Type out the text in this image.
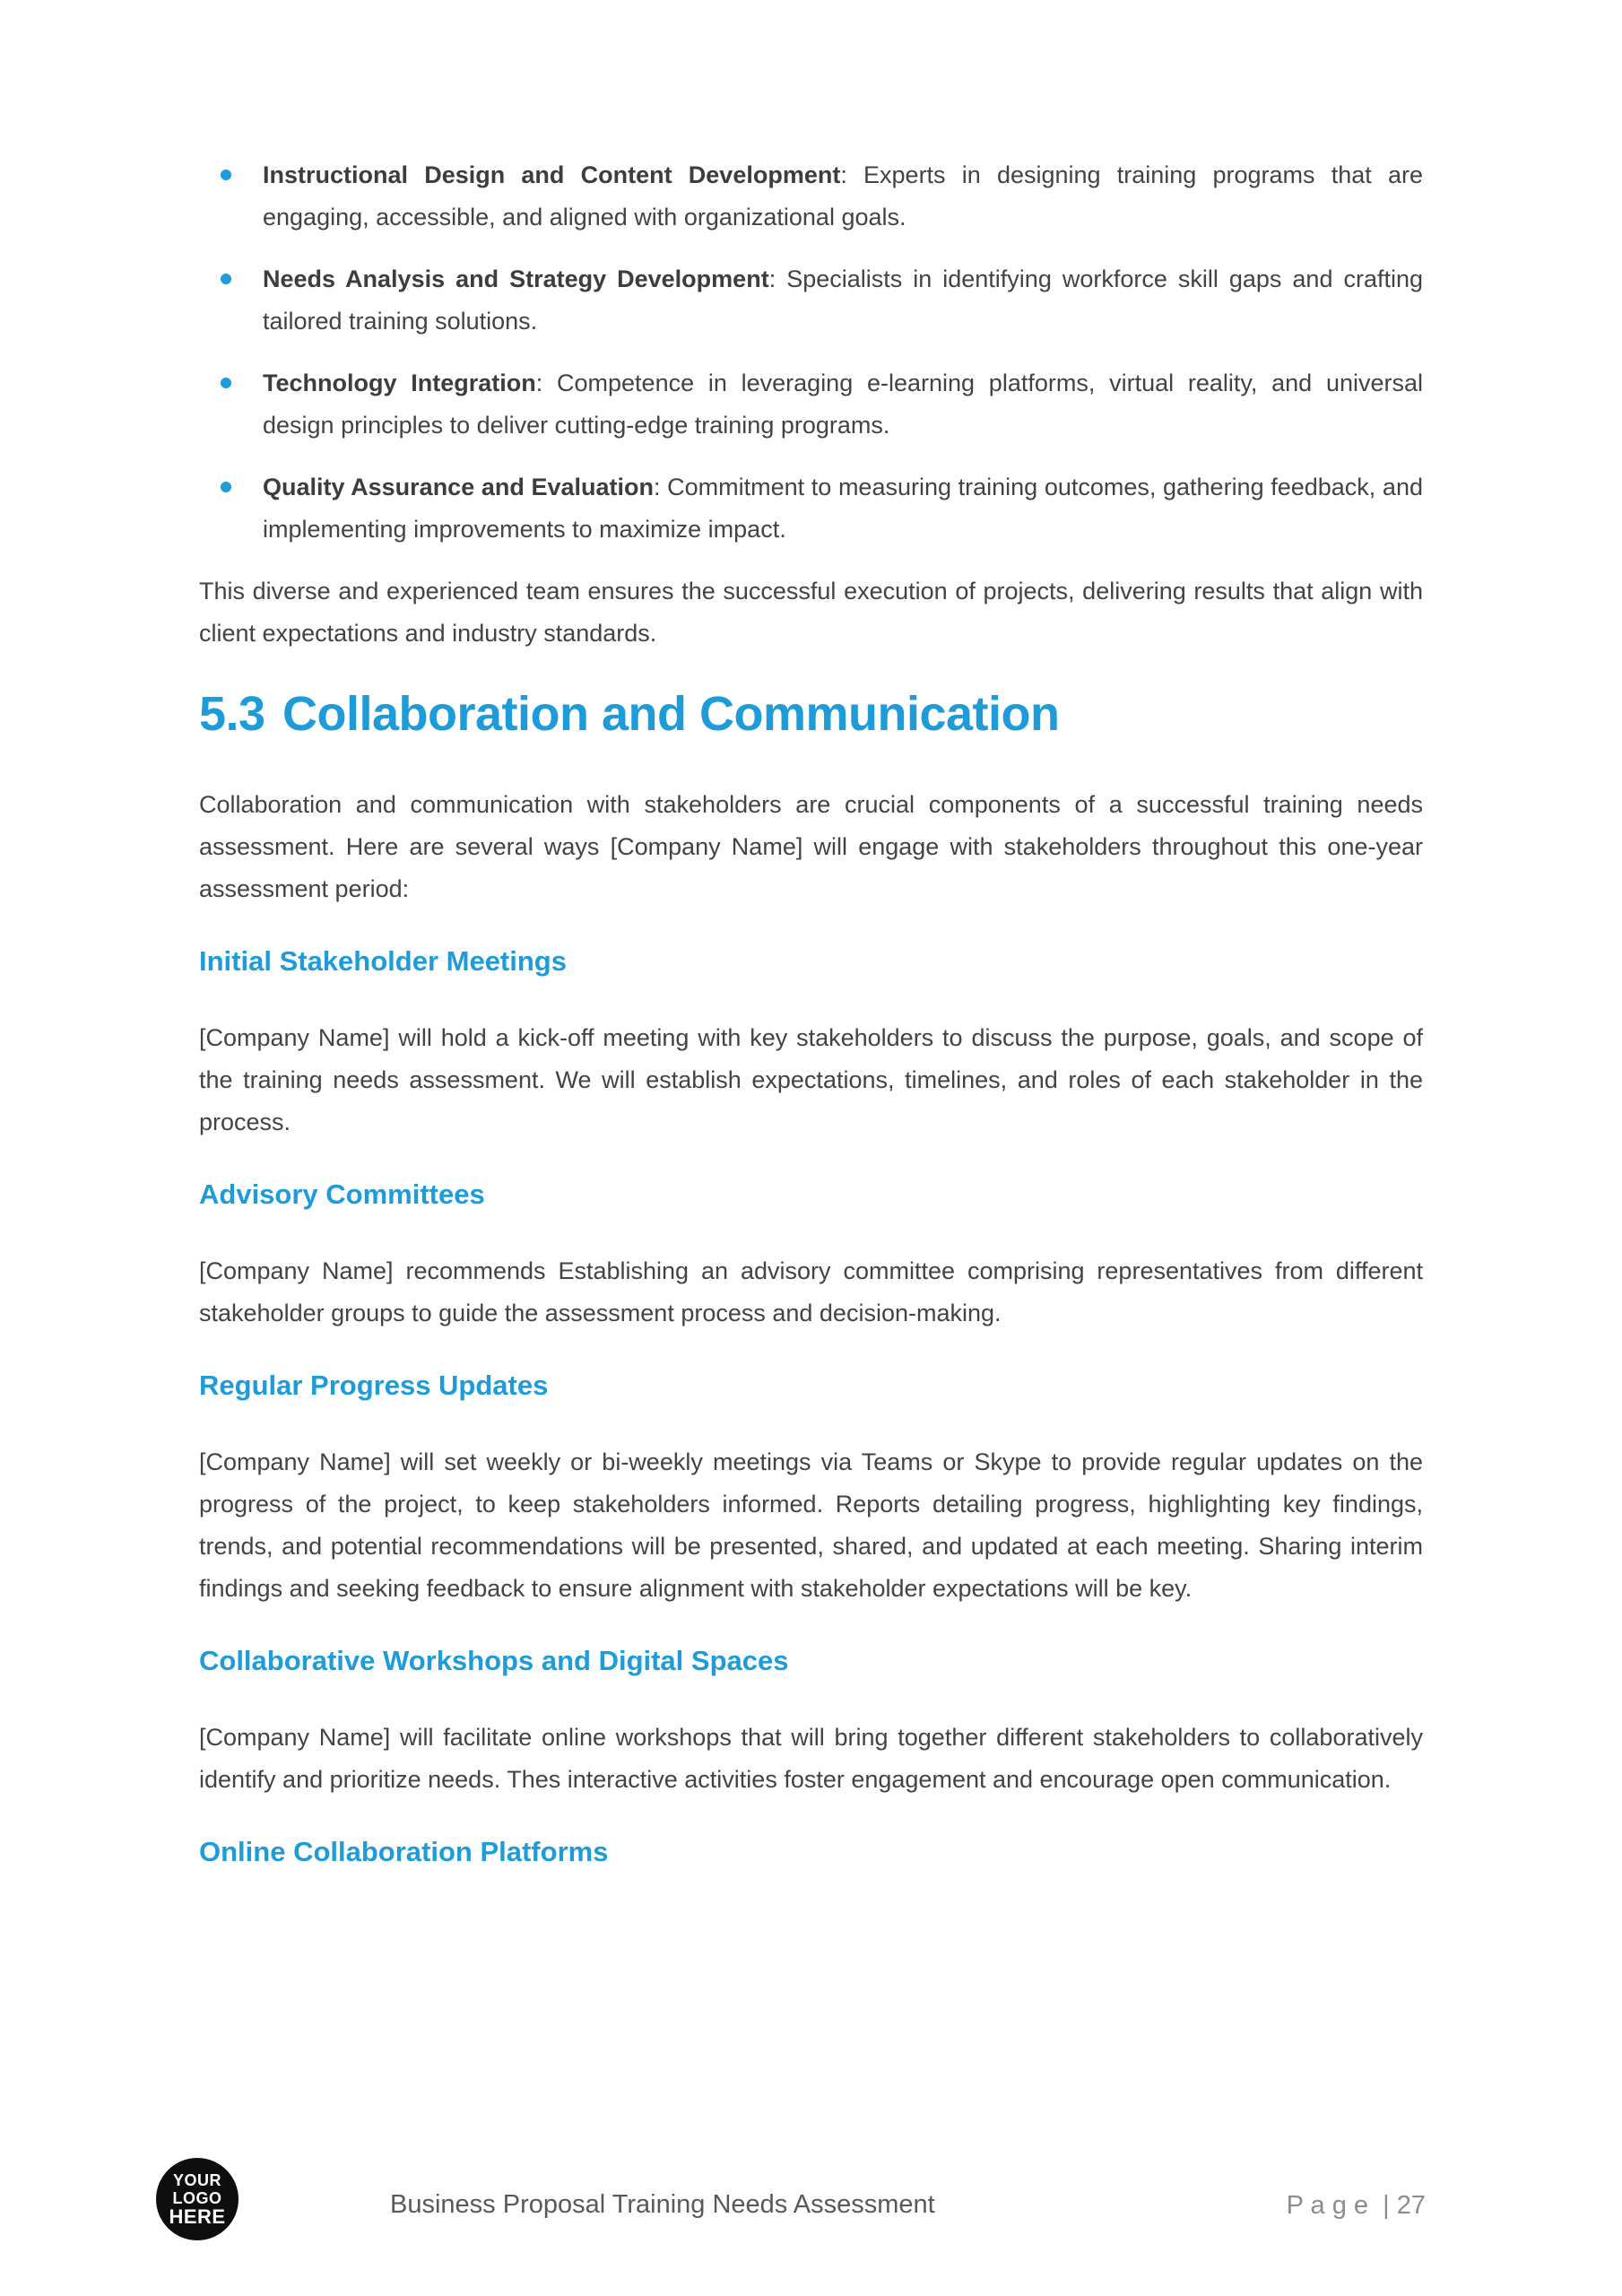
Instructional Design and Content Development: Experts in designing training programs that are engaging, accessible, and aligned with organizational goals.
Needs Analysis and Strategy Development: Specialists in identifying workforce skill gaps and crafting tailored training solutions.
Technology Integration: Competence in leveraging e-learning platforms, virtual reality, and universal design principles to deliver cutting-edge training programs.
Quality Assurance and Evaluation: Commitment to measuring training outcomes, gathering feedback, and implementing improvements to maximize impact.

This diverse and experienced team ensures the successful execution of projects, delivering results that align with client expectations and industry standards.

5.3 Collaboration and Communication

Collaboration and communication with stakeholders are crucial components of a successful training needs assessment. Here are several ways [Company Name] will engage with stakeholders throughout this one-year assessment period:

Initial Stakeholder Meetings

[Company Name] will hold a kick-off meeting with key stakeholders to discuss the purpose, goals, and scope of the training needs assessment. We will establish expectations, timelines, and roles of each stakeholder in the process.

Advisory Committees

[Company Name] recommends Establishing an advisory committee comprising representatives from different stakeholder groups to guide the assessment process and decision-making.

Regular Progress Updates

[Company Name] will set weekly or bi-weekly meetings via Teams or Skype to provide regular updates on the progress of the project, to keep stakeholders informed. Reports detailing progress, highlighting key findings, trends, and potential recommendations will be presented, shared, and updated at each meeting. Sharing interim findings and seeking feedback to ensure alignment with stakeholder expectations will be key.

Collaborative Workshops and Digital Spaces

[Company Name] will facilitate online workshops that will bring together different stakeholders to collaboratively identify and prioritize needs. Thes interactive activities foster engagement and encourage open communication.

Online Collaboration Platforms
YOUR
LOGO
HERE	Business Proposal Training Needs Assessment	P a g e  | 27
